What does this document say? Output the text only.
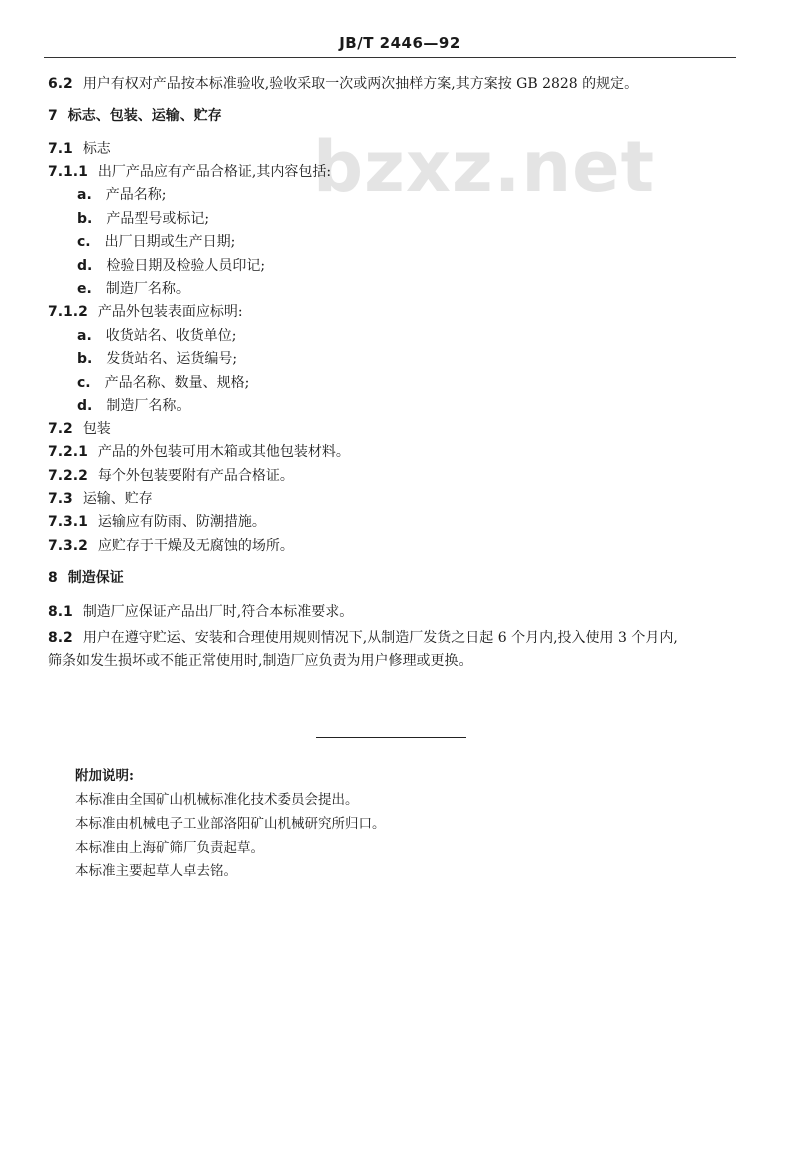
JB/T 2446—92
bzxz.net
6.2 用户有权对产品按本标准验收,验收采取一次或两次抽样方案,其方案按 GB 2828 的规定。
7 标志、包装、运输、贮存
7.1 标志
7.1.1 出厂产品应有产品合格证,其内容包括:
a. 产品名称;
b. 产品型号或标记;
c. 出厂日期或生产日期;
d. 检验日期及检验人员印记;
e. 制造厂名称。
7.1.2 产品外包装表面应标明:
a. 收货站名、收货单位;
b. 发货站名、运货编号;
c. 产品名称、数量、规格;
d. 制造厂名称。
7.2 包装
7.2.1 产品的外包装可用木箱或其他包装材料。
7.2.2 每个外包装要附有产品合格证。
7.3 运输、贮存
7.3.1 运输应有防雨、防潮措施。
7.3.2 应贮存于干燥及无腐蚀的场所。
8 制造保证
8.1 制造厂应保证产品出厂时,符合本标准要求。
8.2 用户在遵守贮运、安装和合理使用规则情况下,从制造厂发货之日起 6 个月内,投入使用 3 个月内,
筛条如发生损坏或不能正常使用时,制造厂应负责为用户修理或更换。
附加说明:
本标准由全国矿山机械标准化技术委员会提出。
本标准由机械电子工业部洛阳矿山机械研究所归口。
本标准由上海矿筛厂负责起草。
本标准主要起草人卓去铭。
